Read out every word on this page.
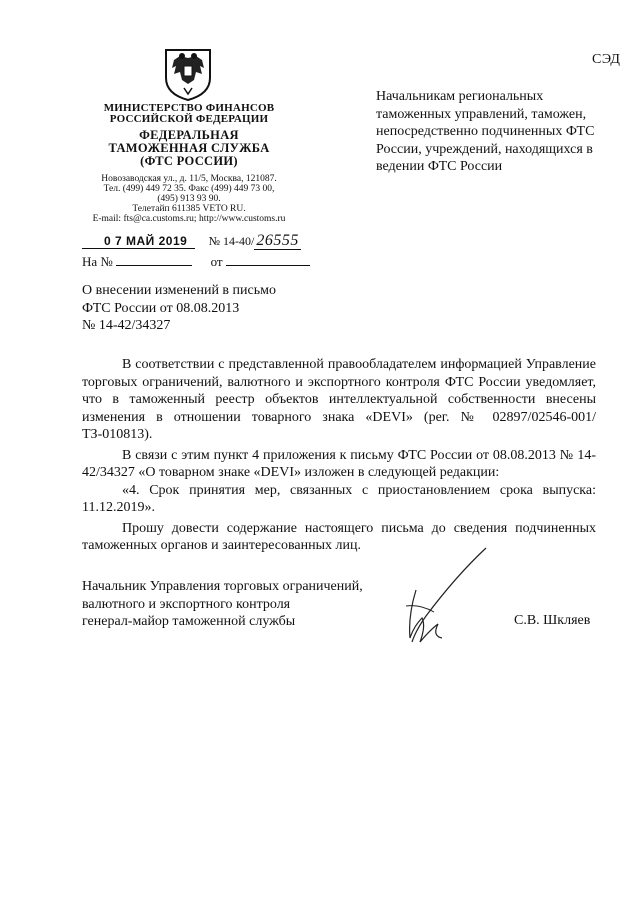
СЭД
МИНИСТЕРСТВО ФИНАНСОВ
РОССИЙСКОЙ ФЕДЕРАЦИИ
ФЕДЕРАЛЬНАЯ
ТАМОЖЕННАЯ СЛУЖБА
(ФТС РОССИИ)
Новозаводская ул., д. 11/5, Москва, 121087.
Тел. (499) 449 72 35. Факс (499) 449 73 00,
(495) 913 93 90.
Телетайп 611385 VETO RU.
E-mail: fts@ca.customs.ru; http://www.customs.ru
0 7 МАЙ 2019 № 14-40/ 26555
На №	от
Начальникам региональных таможенных управлений, таможен, непосредственно подчиненных ФТС России, учреждений, находящихся в ведении ФТС России
О внесении изменений в письмо
ФТС России от 08.08.2013
№ 14-42/34327

В соответствии с представленной правообладателем информацией Управление торговых ограничений, валютного и экспортного контроля ФТС России уведомляет, что в таможенный реестр объектов интеллектуальной собственности внесены изменения в отношении товарного знака «DEVI» (рег. № 02897/02546-001/ТЗ-010813).

В связи с этим пункт 4 приложения к письму ФТС России от 08.08.2013 № 14-42/34327 «О товарном знаке «DEVI» изложен в следующей редакции:

«4. Срок принятия мер, связанных с приостановлением срока выпуска: 11.12.2019».

Прошу довести содержание настоящего письма до сведения подчиненных таможенных органов и заинтересованных лиц.

Начальник Управления торговых ограничений,
валютного и экспортного контроля
генерал-майор таможенной службы	С.В. Шкляев
